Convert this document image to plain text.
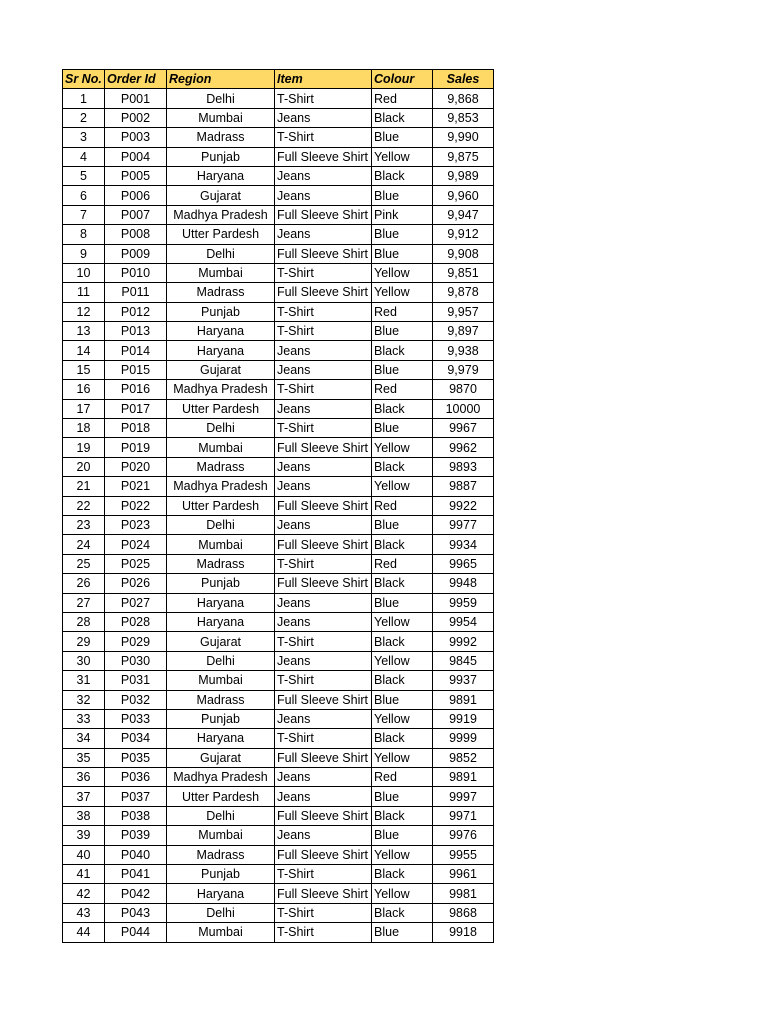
Sr No.	Order Id	Region	Item	Colour	Sales
1	P001	Delhi	T-Shirt	Red	9,868
2	P002	Mumbai	Jeans	Black	9,853
3	P003	Madrass	T-Shirt	Blue	9,990
4	P004	Punjab	Full Sleeve Shirt	Yellow	9,875
5	P005	Haryana	Jeans	Black	9,989
6	P006	Gujarat	Jeans	Blue	9,960
7	P007	Madhya Pradesh	Full Sleeve Shirt	Pink	9,947
8	P008	Utter Pardesh	Jeans	Blue	9,912
9	P009	Delhi	Full Sleeve Shirt	Blue	9,908
10	P010	Mumbai	T-Shirt	Yellow	9,851
11	P011	Madrass	Full Sleeve Shirt	Yellow	9,878
12	P012	Punjab	T-Shirt	Red	9,957
13	P013	Haryana	T-Shirt	Blue	9,897
14	P014	Haryana	Jeans	Black	9,938
15	P015	Gujarat	Jeans	Blue	9,979
16	P016	Madhya Pradesh	T-Shirt	Red	9870
17	P017	Utter Pardesh	Jeans	Black	10000
18	P018	Delhi	T-Shirt	Blue	9967
19	P019	Mumbai	Full Sleeve Shirt	Yellow	9962
20	P020	Madrass	Jeans	Black	9893
21	P021	Madhya Pradesh	Jeans	Yellow	9887
22	P022	Utter Pardesh	Full Sleeve Shirt	Red	9922
23	P023	Delhi	Jeans	Blue	9977
24	P024	Mumbai	Full Sleeve Shirt	Black	9934
25	P025	Madrass	T-Shirt	Red	9965
26	P026	Punjab	Full Sleeve Shirt	Black	9948
27	P027	Haryana	Jeans	Blue	9959
28	P028	Haryana	Jeans	Yellow	9954
29	P029	Gujarat	T-Shirt	Black	9992
30	P030	Delhi	Jeans	Yellow	9845
31	P031	Mumbai	T-Shirt	Black	9937
32	P032	Madrass	Full Sleeve Shirt	Blue	9891
33	P033	Punjab	Jeans	Yellow	9919
34	P034	Haryana	T-Shirt	Black	9999
35	P035	Gujarat	Full Sleeve Shirt	Yellow	9852
36	P036	Madhya Pradesh	Jeans	Red	9891
37	P037	Utter Pardesh	Jeans	Blue	9997
38	P038	Delhi	Full Sleeve Shirt	Black	9971
39	P039	Mumbai	Jeans	Blue	9976
40	P040	Madrass	Full Sleeve Shirt	Yellow	9955
41	P041	Punjab	T-Shirt	Black	9961
42	P042	Haryana	Full Sleeve Shirt	Yellow	9981
43	P043	Delhi	T-Shirt	Black	9868
44	P044	Mumbai	T-Shirt	Blue	9918
